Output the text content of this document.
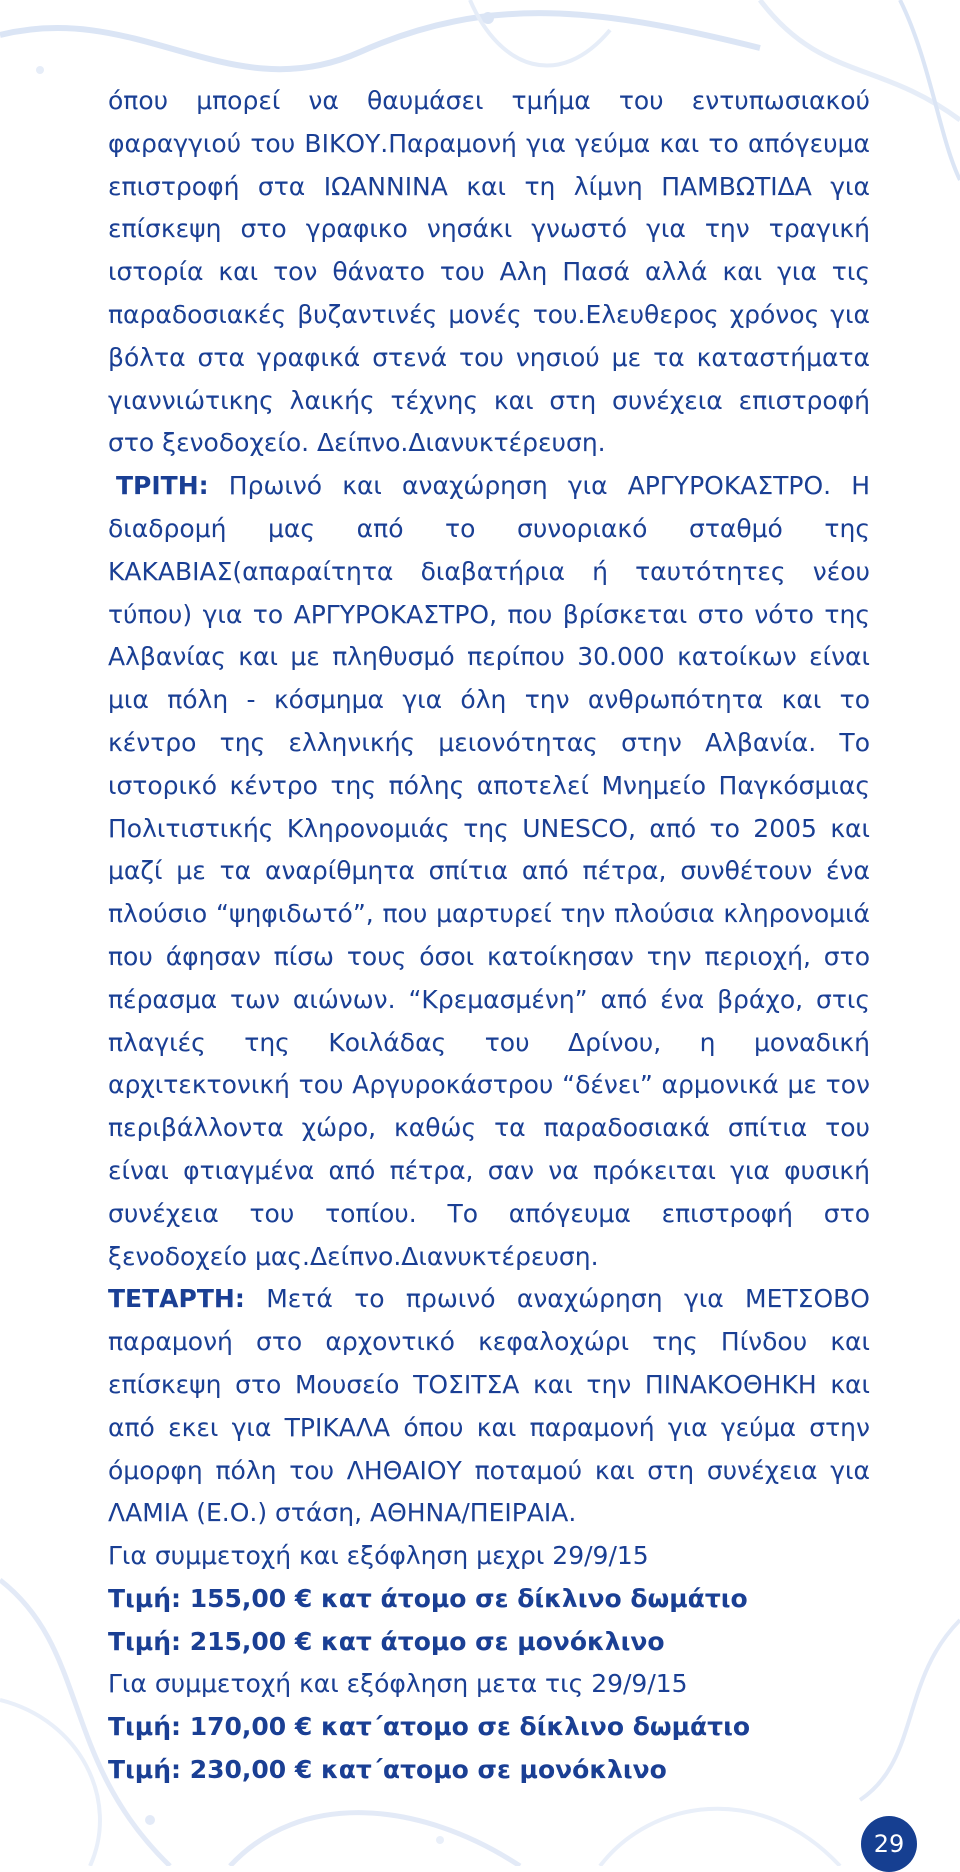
όπου μπορεί να θαυμάσει τμήμα του εντυπωσιακού φαραγγιού του ΒΙΚΟΥ.Παραμονή για γεύμα και το απόγευμα επιστροφή στα ΙΩΑΝΝΙΝΑ και τη λίμνη ΠΑΜΒΩΤΙΔΑ για επίσκεψη στο γραφικο νησάκι γνωστό για την τραγική ιστορία και τον θάνατο του Αλη Πασά αλλά και για τις παραδοσιακές βυζαντινές μονές του.Ελευθερος χρόνος για βόλτα στα γραφικά στενά του νησιού με τα καταστήματα γιαννιώτικης λαικής τέχνης και στη συνέχεια επιστροφή στο ξενοδοχείο. Δείπνο.Διανυκτέρευση.

ΤΡΙΤΗ: Πρωινό και αναχώρηση για ΑΡΓΥΡΟΚΑΣΤΡΟ. Η διαδρομή μας από το συνοριακό σταθμό της ΚΑΚΑΒΙΑΣ(απαραίτητα διαβατήρια ή ταυτότητες νέου τύπου) για το ΑΡΓΥΡΟΚΑΣΤΡΟ, που βρίσκεται στο νότο της Αλβανίας και με πληθυσμό περίπου 30.000 κατοίκων είναι μια πόλη - κόσμημα για όλη την ανθρωπότητα και το κέντρο της ελληνικής μειονότητας στην Αλβανία. Το ιστορικό κέντρο της πόλης αποτελεί Μνημείο Παγκόσμιας Πολιτιστικής Κληρονομιάς της UNESCO, από το 2005 και μαζί με τα αναρίθμητα σπίτια από πέτρα, συνθέτουν ένα πλούσιο “ψηφιδωτό”, που μαρτυρεί την πλούσια κληρονομιά που άφησαν πίσω τους όσοι κατοίκησαν την περιοχή, στο πέρασμα των αιώνων. “Κρεμασμένη” από ένα βράχο, στις πλαγιές της Κοιλάδας του Δρίνου, η μοναδική αρχιτεκτονική του Αργυροκάστρου “δένει” αρμονικά με τον περιβάλλοντα χώρο, καθώς τα παραδοσιακά σπίτια του είναι φτιαγμένα από πέτρα, σαν να πρόκειται για φυσική συνέχεια του τοπίου. Το απόγευμα επιστροφή στο ξενοδοχείο μας.Δείπνο.Διανυκτέρευση.

ΤΕΤΑΡΤΗ: Μετά το πρωινό αναχώρηση για ΜΕΤΣΟΒΟ παραμονή στο αρχοντικό κεφαλοχώρι της Πίνδου και επίσκεψη στο Μουσείο ΤΟΣΙΤΣΑ και την ΠΙΝΑΚΟΘΗΚΗ και από εκει για ΤΡΙΚΑΛΑ όπου και παραμονή για γεύμα στην όμορφη πόλη του ΛΗΘΑΙΟΥ ποταμού και στη συνέχεια για ΛΑΜΙΑ (Ε.Ο.) στάση, ΑΘΗΝΑ/ΠΕΙΡΑΙΑ.

Για συμμετοχή και εξόφληση μεχρι 29/9/15

Τιμή: 155,00 € κατ άτομο σε δίκλινο δωμάτιο

Τιμή: 215,00 € κατ άτομο σε μονόκλινο

Για συμμετοχή και εξόφληση μετα τις 29/9/15

Τιμή: 170,00 € κατ΄ατομο σε δίκλινο δωμάτιο

Τιμή: 230,00 € κατ΄ατομο σε μονόκλινο

29
